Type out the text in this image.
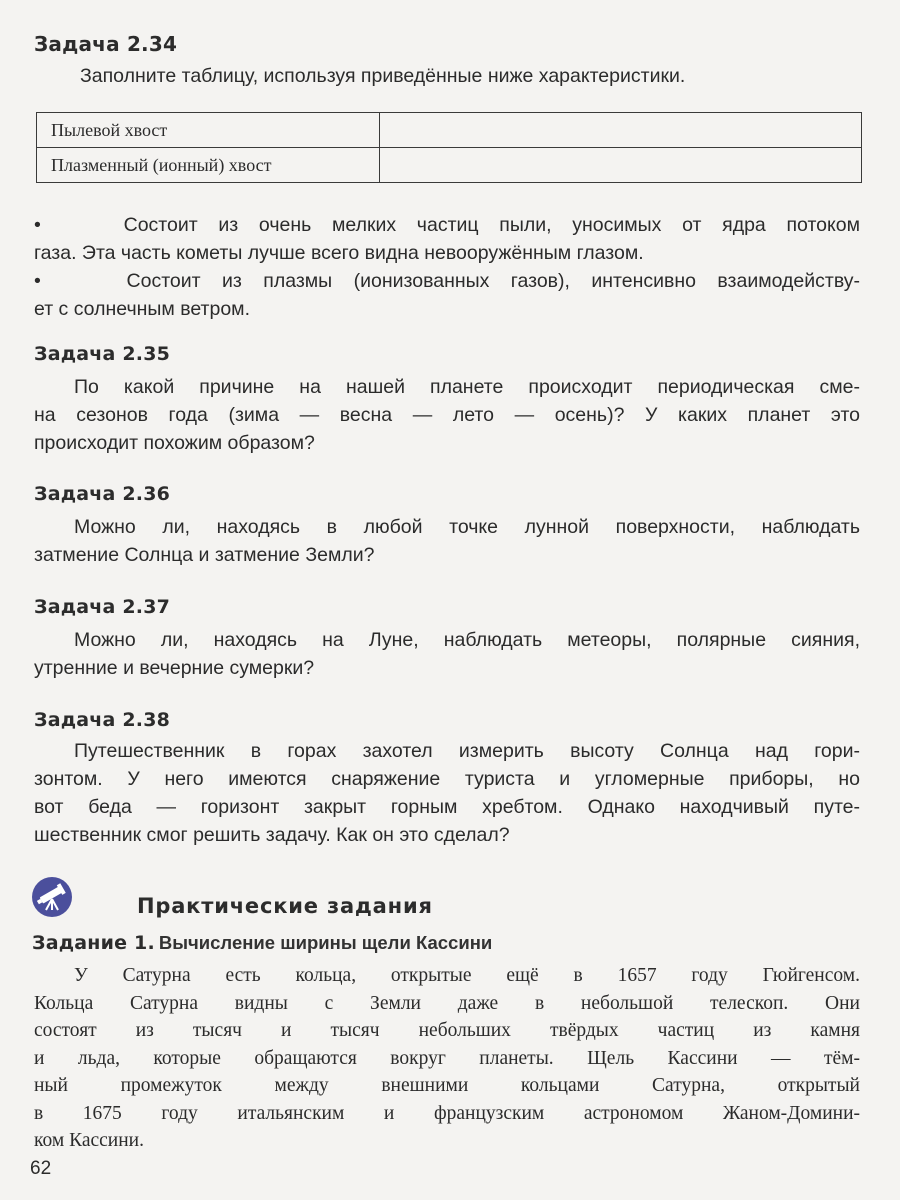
Задача 2.34
Заполните таблицу, используя приведённые ниже характеристики.
Пылевой хвост	
Плазменный (ионный) хвост	
•    Состоит из очень мелких частиц пыли, уносимых от ядра потоком
газа. Эта часть кометы лучше всего видна невооружённым глазом.
•    Состоит из плазмы (ионизованных газов), интенсивно взаимодейству-
ет с солнечным ветром.
Задача 2.35
По какой причине на нашей планете происходит периодическая сме-
на сезонов года (зима — весна — лето — осень)? У каких планет это
происходит похожим образом?
Задача 2.36
Можно ли, находясь в любой точке лунной поверхности, наблюдать
затмение Солнца и затмение Земли?
Задача 2.37
Можно ли, находясь на Луне, наблюдать метеоры, полярные сияния,
утренние и вечерние сумерки?
Задача 2.38
Путешественник в горах захотел измерить высоту Солнца над гори-
зонтом. У него имеются снаряжение туриста и угломерные приборы, но
вот беда — горизонт закрыт горным хребтом. Однако находчивый путе-
шественник смог решить задачу. Как он это сделал?
Практические задания
Задание 1. Вычисление ширины щели Кассини
У Сатурна есть кольца, открытые ещё в 1657 году Гюйгенсом.
Кольца Сатурна видны с Земли даже в небольшой телескоп. Они
состоят из тысяч и тысяч небольших твёрдых частиц из камня
и льда, которые обращаются вокруг планеты. Щель Кассини — тём-
ный промежуток между внешними кольцами Сатурна, открытый
в 1675 году итальянским и французским астрономом Жаном-Домини-
ком Кассини.
62
